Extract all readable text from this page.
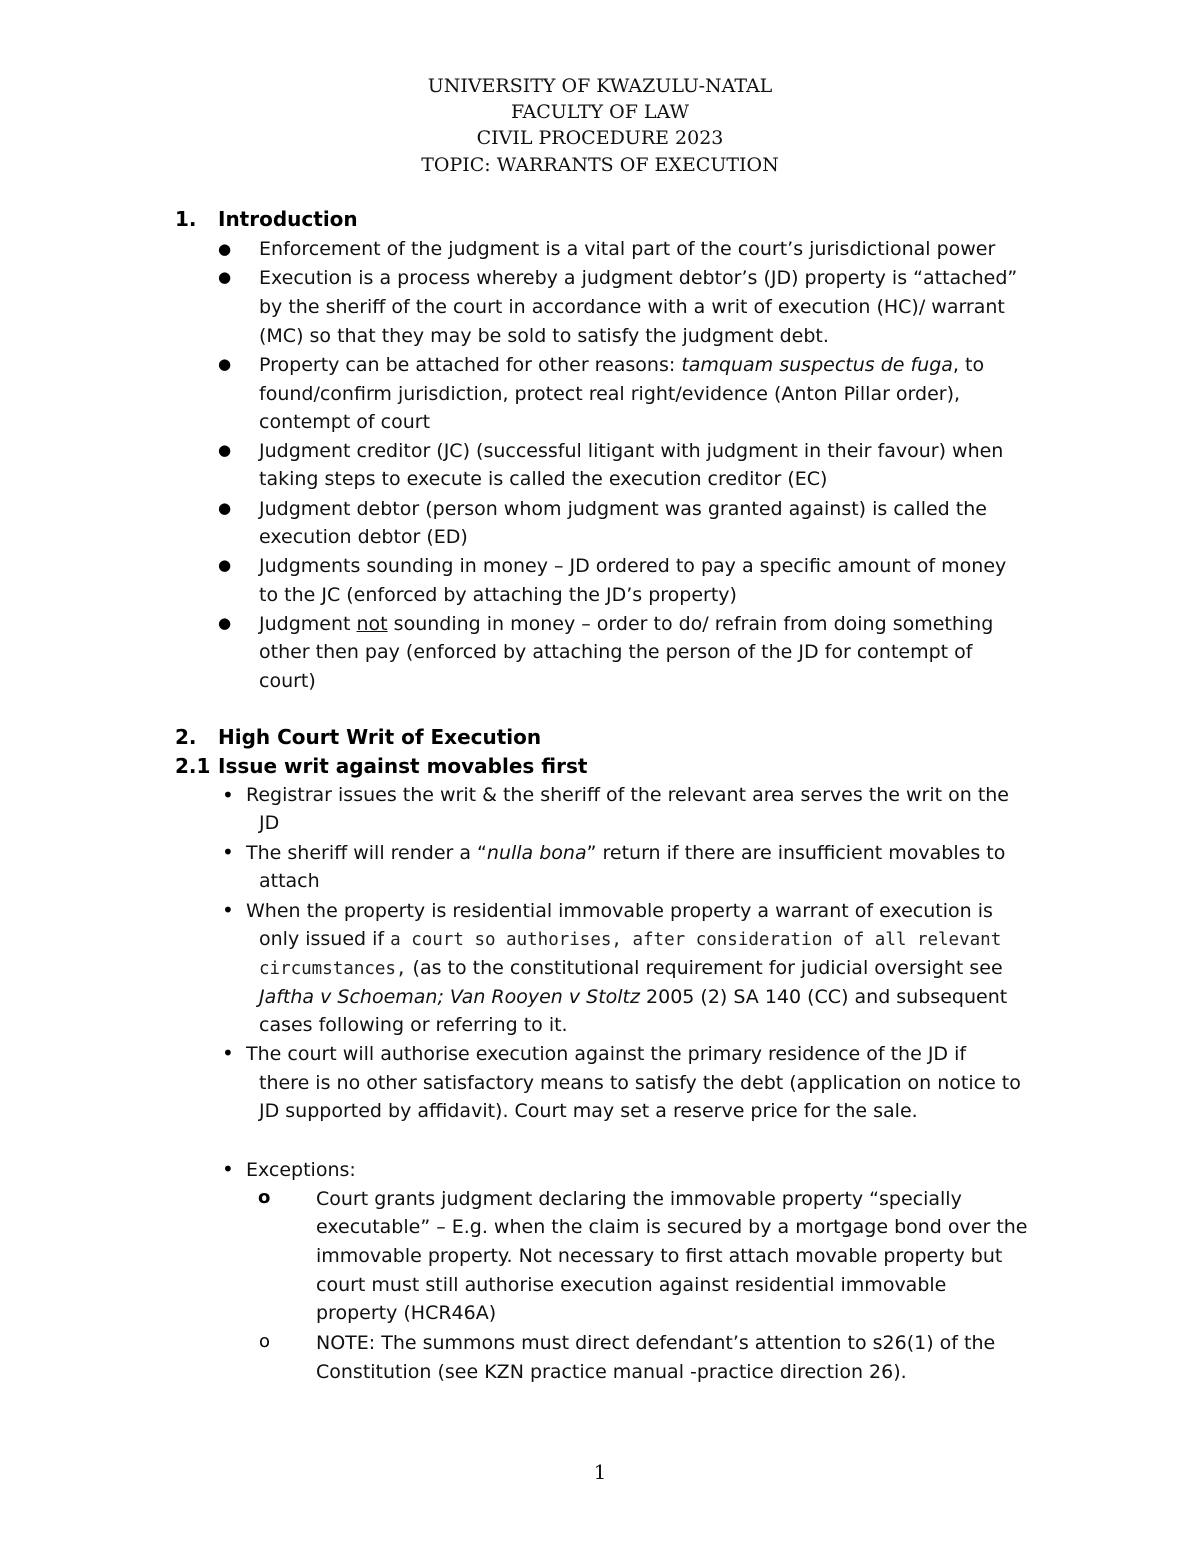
UNIVERSITY OF KWAZULU-NATAL
FACULTY OF LAW
CIVIL PROCEDURE 2023
TOPIC: WARRANTS OF EXECUTION
1. Introduction
● Enforcement of the judgment is a vital part of the court’s jurisdictional power
● Execution is a process whereby a judgment debtor’s (JD) property is “attached”
by the sheriff of the court in accordance with a writ of execution (HC)/ warrant
(MC) so that they may be sold to satisfy the judgment debt.
● Property can be attached for other reasons: tamquam suspectus de fuga, to
found/confirm jurisdiction, protect real right/evidence (Anton Pillar order),
contempt of court
● Judgment creditor (JC) (successful litigant with judgment in their favour) when
taking steps to execute is called the execution creditor (EC)
● Judgment debtor (person whom judgment was granted against) is called the
execution debtor (ED)
● Judgments sounding in money – JD ordered to pay a specific amount of money
to the JC (enforced by attaching the JD’s property)
● Judgment not sounding in money – order to do/ refrain from doing something
other then pay (enforced by attaching the person of the JD for contempt of
court)
2. High Court Writ of Execution
2.1 Issue writ against movables first
• Registrar issues the writ & the sheriff of the relevant area serves the writ on the
JD
• The sheriff will render a “nulla bona” return if there are insufficient movables to
attach
• When the property is residential immovable property a warrant of execution is
only issued if a court so authorises, after consideration of all relevant
circumstances, (as to the constitutional requirement for judicial oversight see
Jaftha v Schoeman; Van Rooyen v Stoltz 2005 (2) SA 140 (CC) and subsequent
cases following or referring to it.
• The court will authorise execution against the primary residence of the JD if
there is no other satisfactory means to satisfy the debt (application on notice to
JD supported by affidavit). Court may set a reserve price for the sale.
• Exceptions:
o Court grants judgment declaring the immovable property “specially
executable” – E.g. when the claim is secured by a mortgage bond over the
immovable property. Not necessary to first attach movable property but
court must still authorise execution against residential immovable
property (HCR46A)
o NOTE: The summons must direct defendant’s attention to s26(1) of the
Constitution (see KZN practice manual -practice direction 26).
1
